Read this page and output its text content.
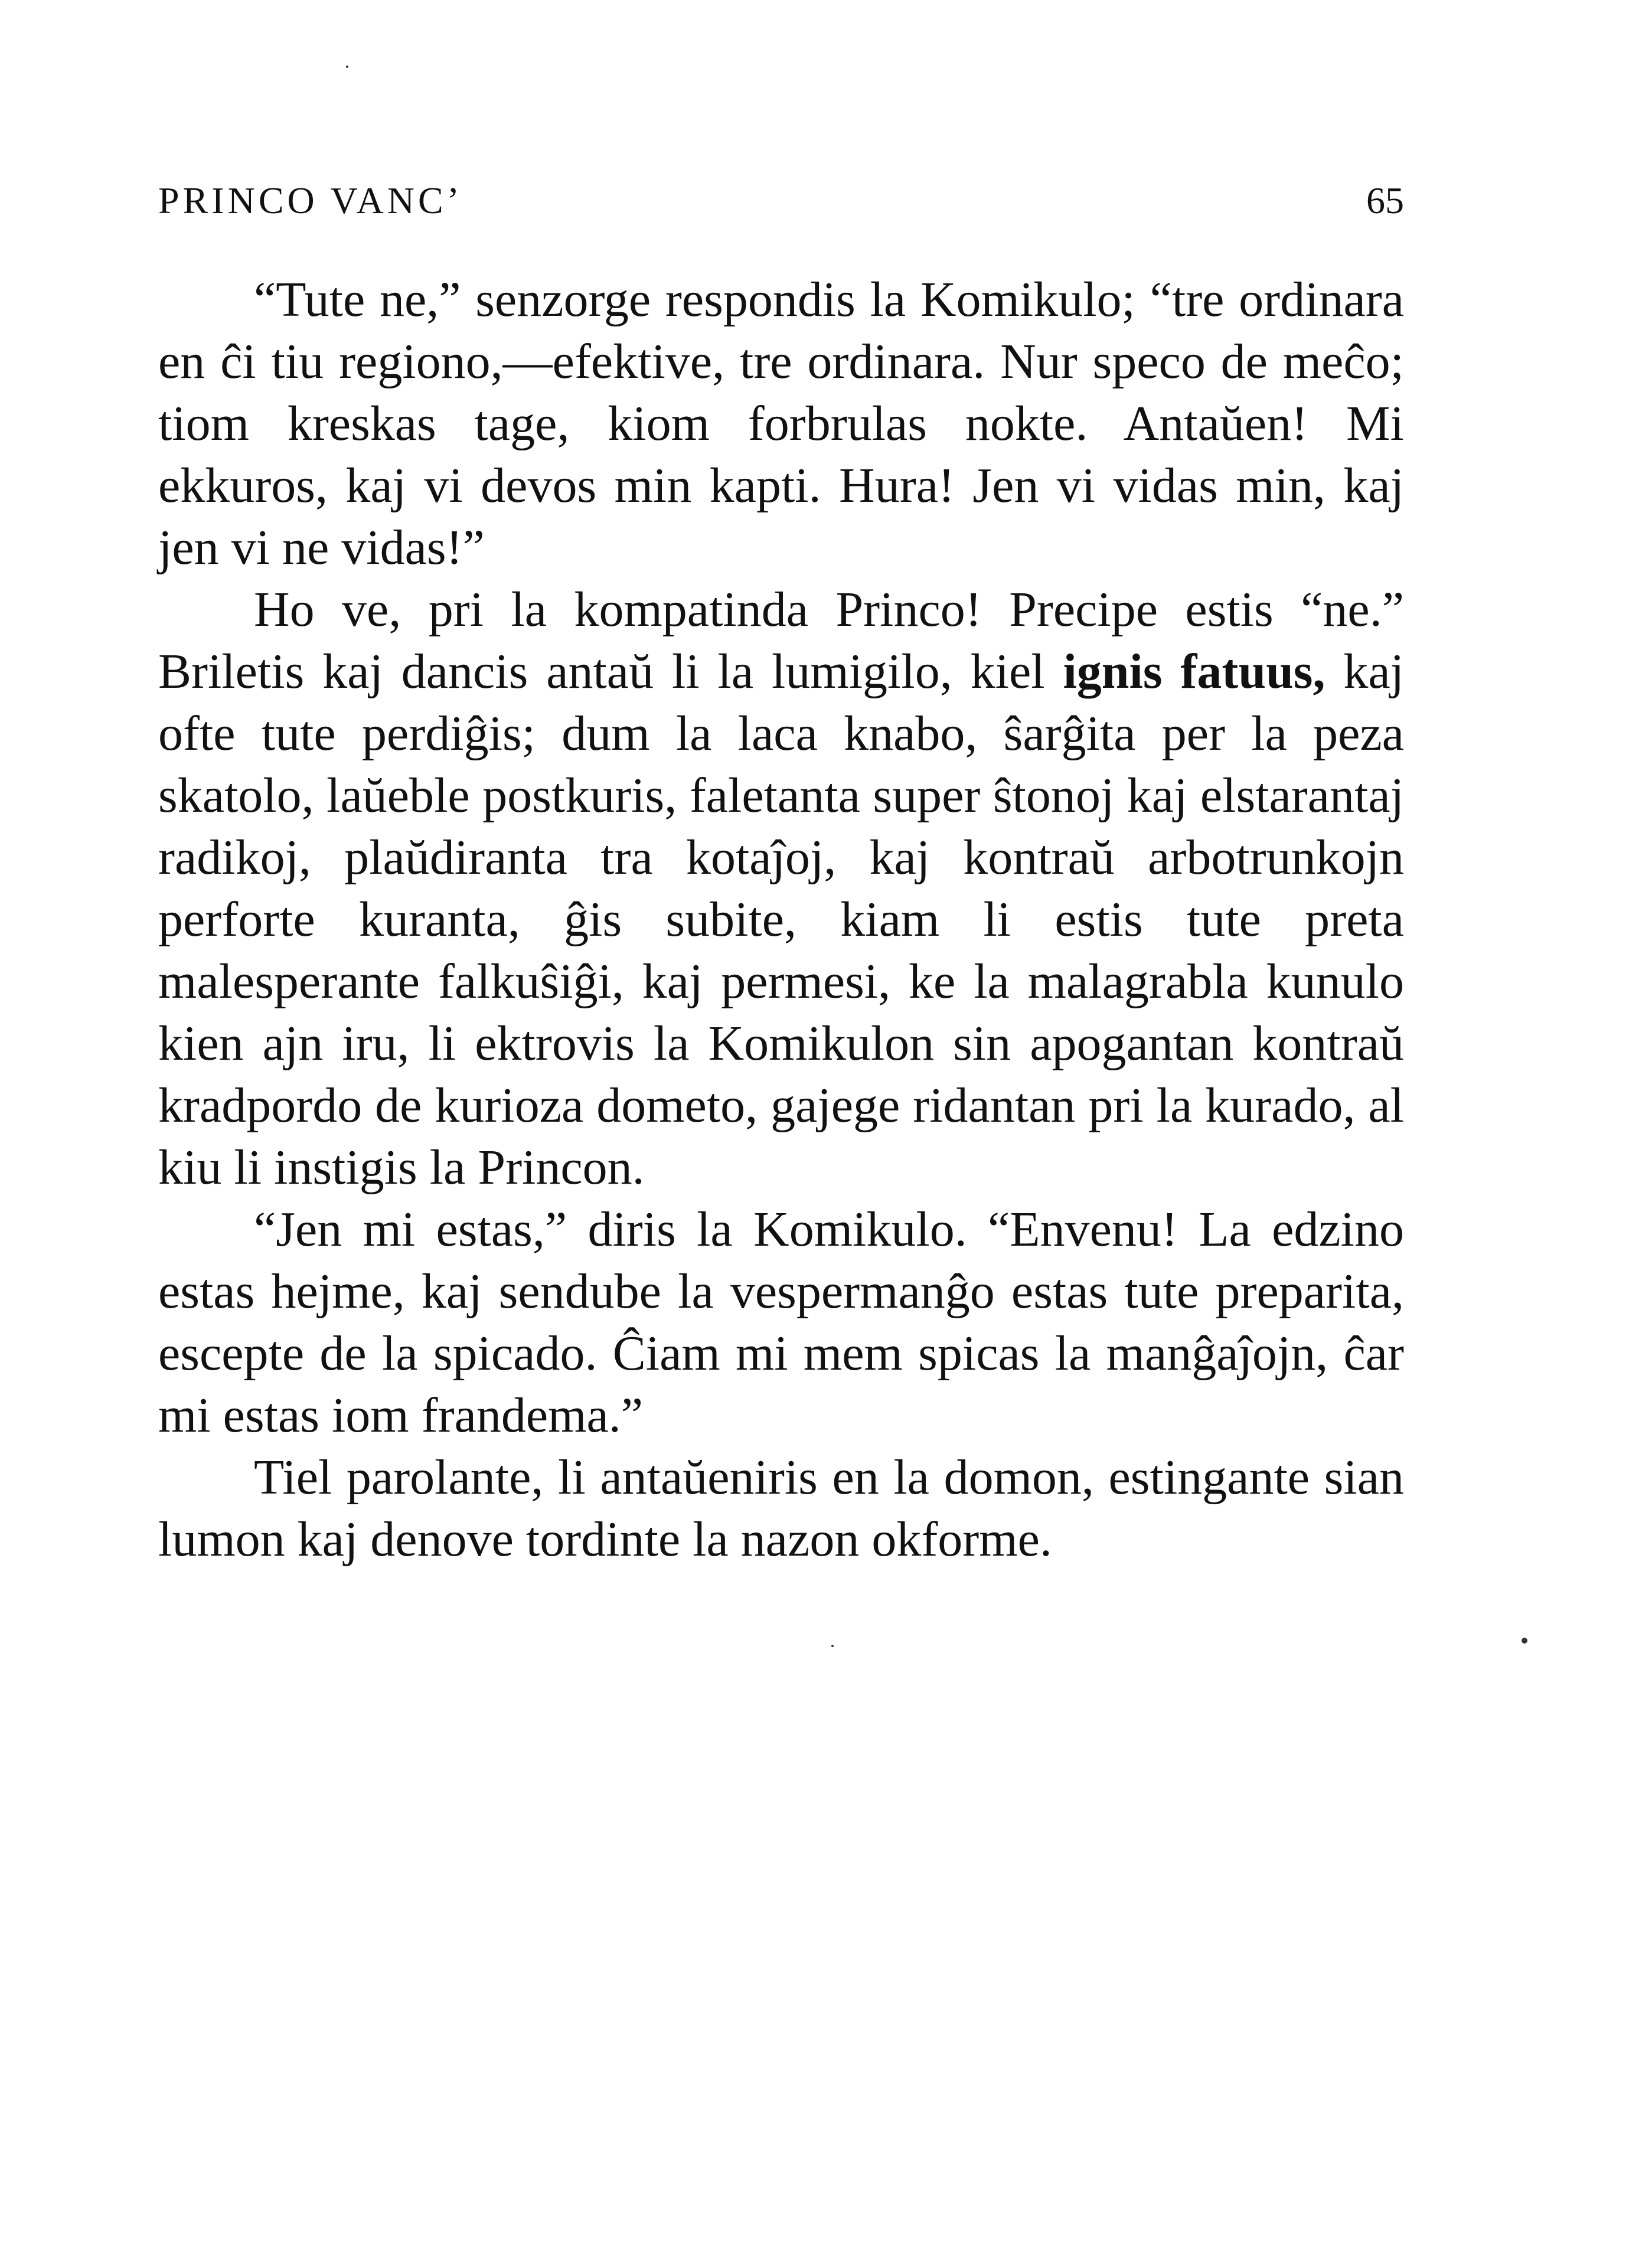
PRINCO VANC’	65

“Tute ne,” senzorge respondis la Komikulo; “tre ordinara en ĉi tiu regiono,—efektive, tre ordinara. Nur speco de meĉo; tiom kreskas tage, kiom forbrulas nokte. Antaŭen! Mi ekkuros, kaj vi devos min kapti. Hura! Jen vi vidas min, kaj jen vi ne vidas!”

Ho ve, pri la kompatinda Princo! Precipe estis “ne.” Briletis kaj dancis antaŭ li la lumigilo, kiel ignis fatuus, kaj ofte tute perdiĝis; dum la laca knabo, ŝarĝita per la peza skatolo, laŭeble postkuris, faletanta super ŝtonoj kaj elstarantaj radikoj, plaŭdiranta tra kotaĵoj, kaj kontraŭ arbotrunkojn perforte kuranta, ĝis subite, kiam li estis tute preta malesperante falkuŝiĝi, kaj permesi, ke la malagrabla kunulo kien ajn iru, li ektrovis la Komikulon sin apogantan kontraŭ kradpordo de kurioza dometo, gajege ridantan pri la kurado, al kiu li instigis la Princon.

“Jen mi estas,” diris la Komikulo. “Envenu! La edzino estas hejme, kaj sendube la vespermanĝo estas tute preparita, escepte de la spicado. Ĉiam mi mem spicas la manĝaĵojn, ĉar mi estas iom frandema.”

Tiel parolante, li antaŭeniris en la domon, estingante sian lumon kaj denove tordinte la nazon okforme.
